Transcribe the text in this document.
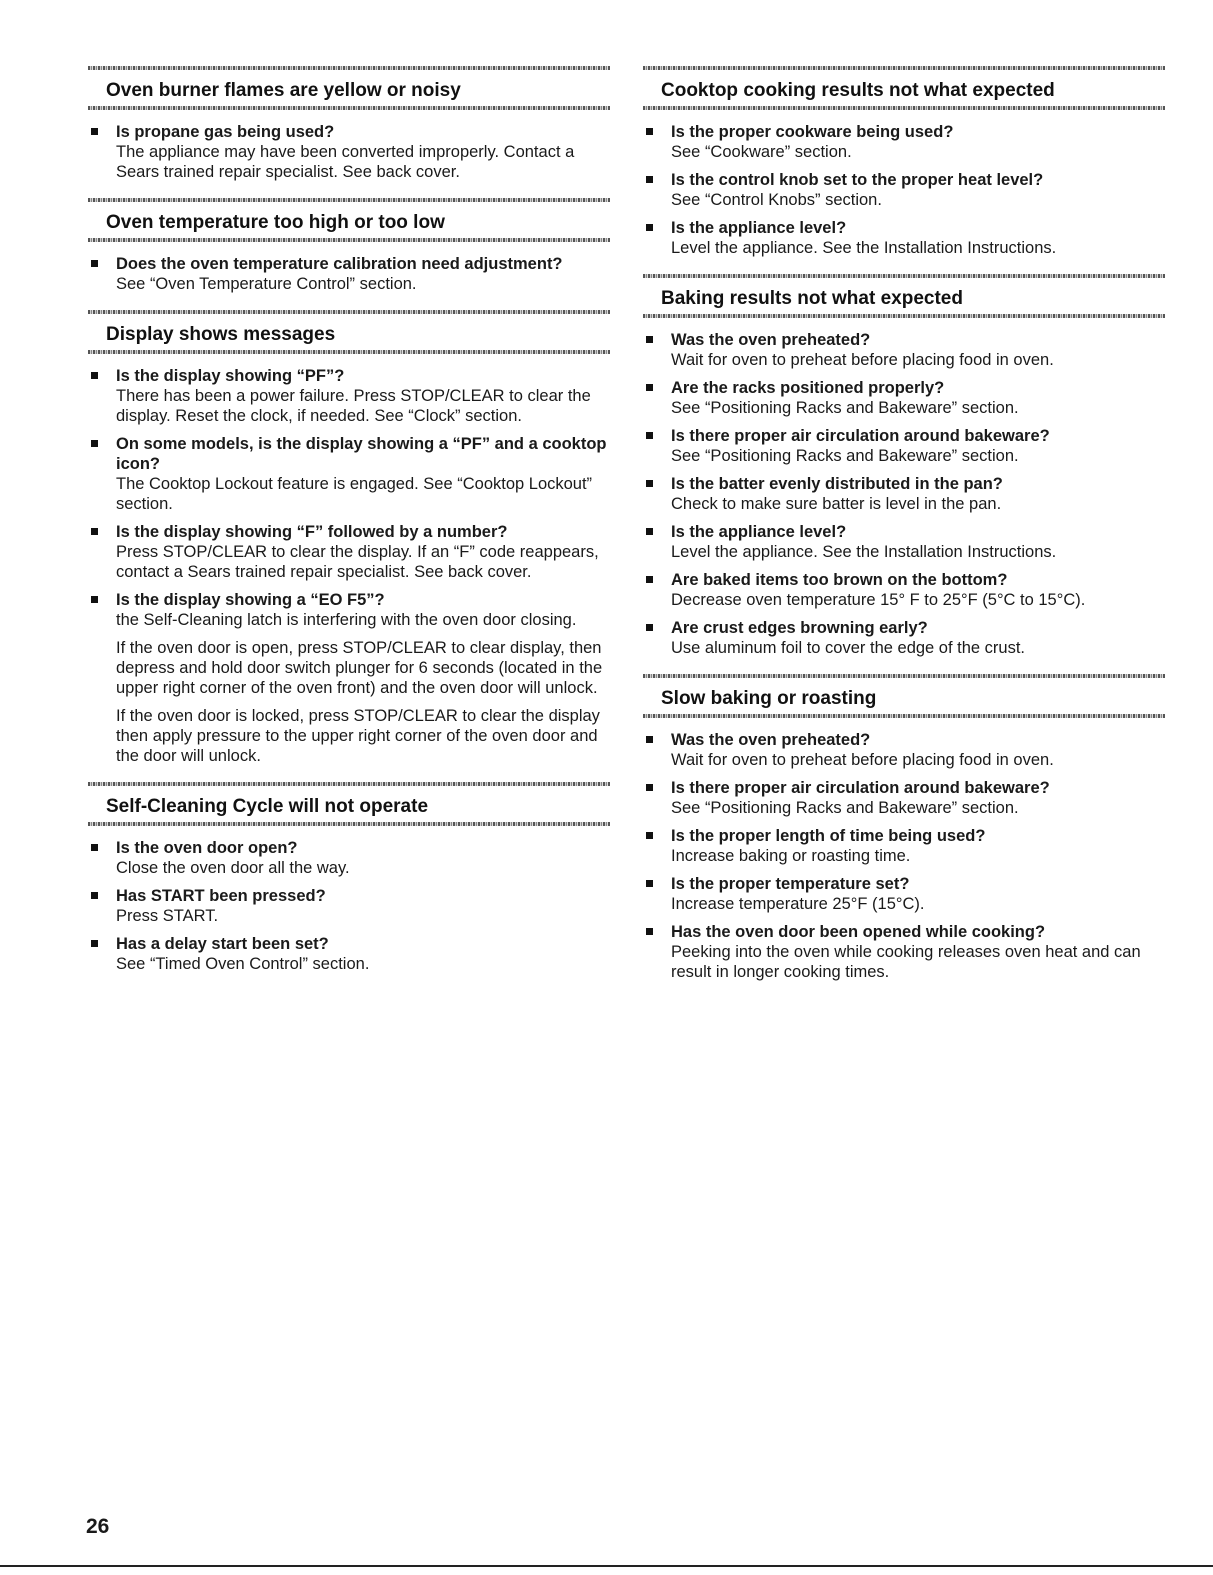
Oven burner flames are yellow or noisy
Is propane gas being used?
The appliance may have been converted improperly. Contact a Sears trained repair specialist. See back cover.
Oven temperature too high or too low
Does the oven temperature calibration need adjustment?
See “Oven Temperature Control” section.
Display shows messages
Is the display showing “PF”?
There has been a power failure. Press STOP/CLEAR to clear the display. Reset the clock, if needed. See “Clock” section.
On some models, is the display showing a “PF” and a cooktop icon?
The Cooktop Lockout feature is engaged. See “Cooktop Lockout” section.
Is the display showing “F” followed by a number?
Press STOP/CLEAR to clear the display. If an “F” code reappears, contact a Sears trained repair specialist. See back cover.
Is the display showing a “EO F5”?
the Self-Cleaning latch is interfering with the oven door closing.
If the oven door is open, press STOP/CLEAR to clear display, then depress and hold door switch plunger for 6 seconds (located in the upper right corner of the oven front) and the oven door will unlock.
If the oven door is locked, press STOP/CLEAR to clear the display then apply pressure to the upper right corner of the oven door and the door will unlock.
Self-Cleaning Cycle will not operate
Is the oven door open?
Close the oven door all the way.
Has START been pressed?
Press START.
Has a delay start been set?
See “Timed Oven Control” section.
Cooktop cooking results not what expected
Is the proper cookware being used?
See “Cookware” section.
Is the control knob set to the proper heat level?
See “Control Knobs” section.
Is the appliance level?
Level the appliance. See the Installation Instructions.
Baking results not what expected
Was the oven preheated?
Wait for oven to preheat before placing food in oven.
Are the racks positioned properly?
See “Positioning Racks and Bakeware” section.
Is there proper air circulation around bakeware?
See “Positioning Racks and Bakeware” section.
Is the batter evenly distributed in the pan?
Check to make sure batter is level in the pan.
Is the appliance level?
Level the appliance. See the Installation Instructions.
Are baked items too brown on the bottom?
Decrease oven temperature 15° F to 25°F (5°C to 15°C).
Are crust edges browning early?
Use aluminum foil to cover the edge of the crust.
Slow baking or roasting
Was the oven preheated?
Wait for oven to preheat before placing food in oven.
Is there proper air circulation around bakeware?
See “Positioning Racks and Bakeware” section.
Is the proper length of time being used?
Increase baking or roasting time.
Is the proper temperature set?
Increase temperature 25°F (15°C).
Has the oven door been opened while cooking?
Peeking into the oven while cooking releases oven heat and can result in longer cooking times.
26
